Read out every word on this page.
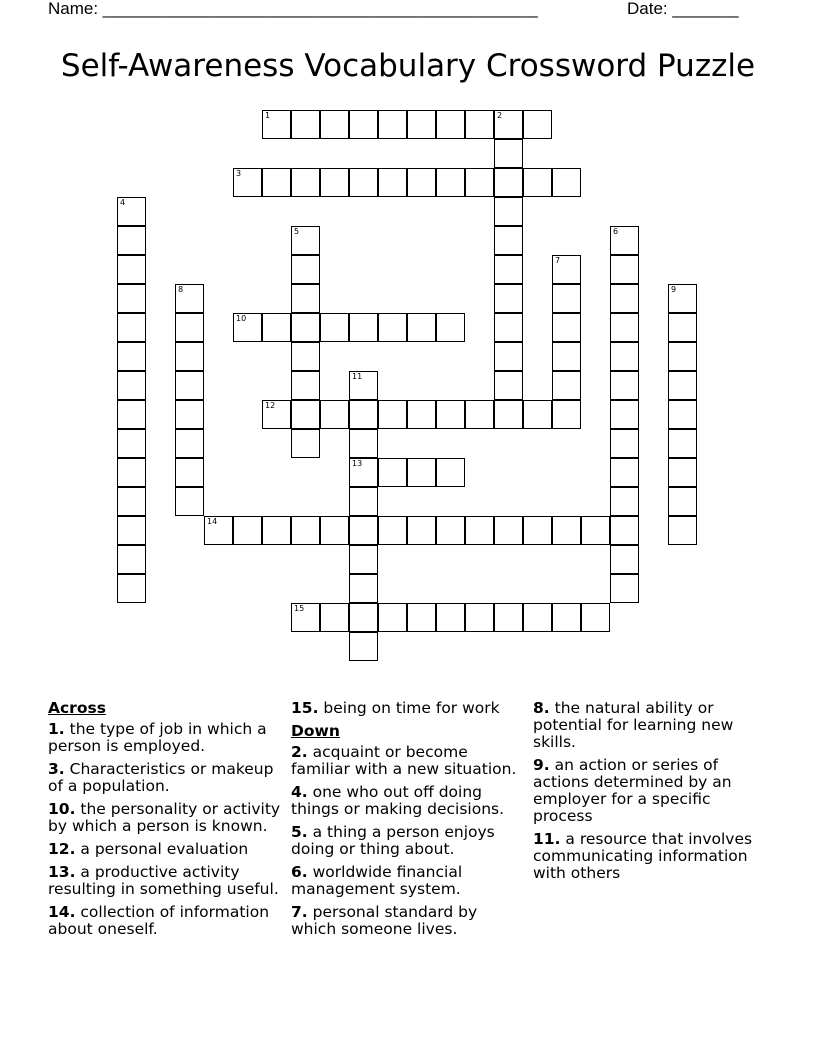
Name: ______________________________________________	Date: _______
Self-Awareness Vocabulary Crossword Puzzle
1	2
3
4
5	6
7
8	9
10
11
13
12
14
15
Across
1. the type of job in which a person is employed.
3. Characteristics or makeup of a population.
10. the personality or activity by which a person is known.
12. a personal evaluation
13. a productive activity resulting in something useful.
14. collection of information about oneself.
15. being on time for work
Down
2. acquaint or become familiar with a new situation.
4. one who out off doing things or making decisions.
5. a thing a person enjoys doing or thing about.
6. worldwide financial management system.
7. personal standard by which someone lives.
8. the natural ability or potential for learning new skills.
9. an action or series of actions determined by an employer for a specific process
11. a resource that involves communicating information with others
